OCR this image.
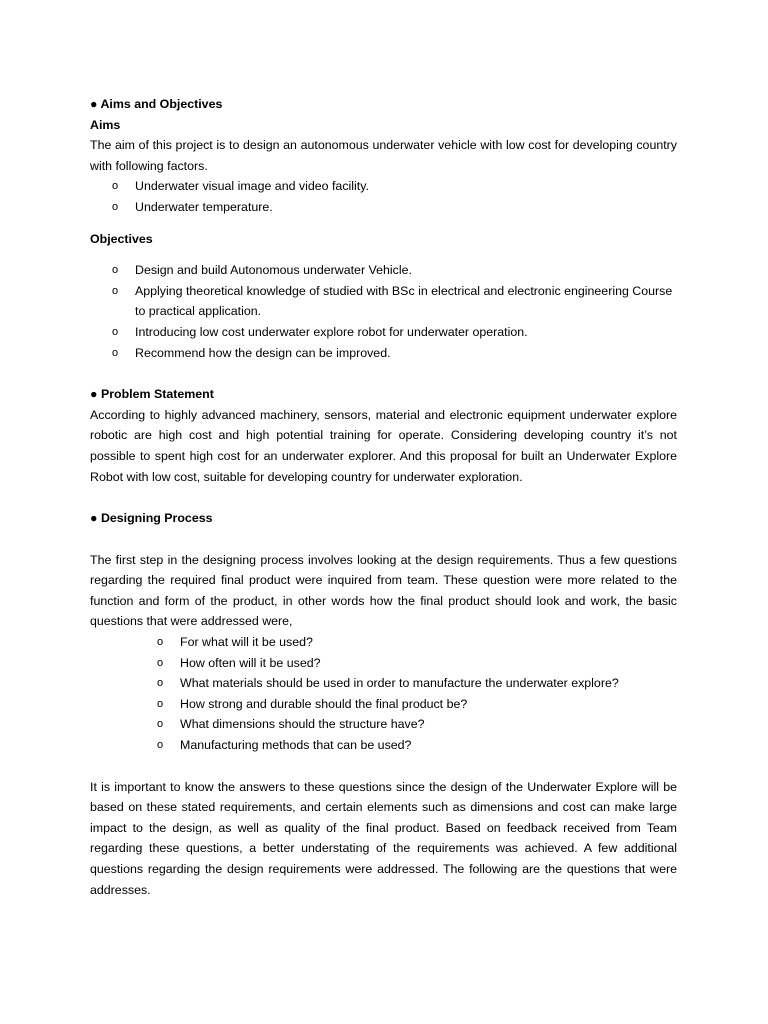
● Aims and Objectives

Aims

The aim of this project is to design an autonomous underwater vehicle with low cost for developing country with following factors.

o Underwater visual image and video facility.
o Underwater temperature.

Objectives

o Design and build Autonomous underwater Vehicle.
o Applying theoretical knowledge of studied with BSc in electrical and electronic engineering Course to practical application.
o Introducing low cost underwater explore robot for underwater operation.
o Recommend how the design can be improved.

● Problem Statement

According to highly advanced machinery, sensors, material and electronic equipment underwater explore robotic are high cost and high potential training for operate. Considering developing country it’s not possible to spent high cost for an underwater explorer. And this proposal for built an Underwater Explore Robot with low cost, suitable for developing country for underwater exploration.

● Designing Process

The first step in the designing process involves looking at the design requirements. Thus a few questions regarding the required final product were inquired from team. These question were more related to the function and form of the product, in other words how the final product should look and work, the basic questions that were addressed were,

o For what will it be used?
o How often will it be used?
o What materials should be used in order to manufacture the underwater explore?
o How strong and durable should the final product be?
o What dimensions should the structure have?
o Manufacturing methods that can be used?

It is important to know the answers to these questions since the design of the Underwater Explore will be based on these stated requirements, and certain elements such as dimensions and cost can make large impact to the design, as well as quality of the final product. Based on feedback received from Team regarding these questions, a better understating of the requirements was achieved. A few additional questions regarding the design requirements were addressed. The following are the questions that were addresses.
